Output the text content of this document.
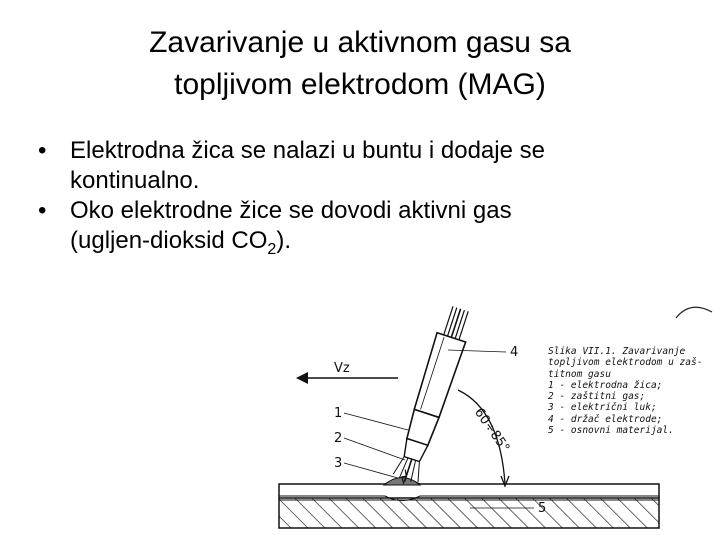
Zavarivanje u aktivnom gasu sa
topljivom elektrodom (MAG)
• Elektrodna žica se nalazi u buntu i dodaje se
kontinualno.
• Oko elektrodne žice se dovodi aktivni gas
(ugljen-dioksid $CO_2$).
60÷85°
Vz
1
2
3
4
5
Slika VII.1. Zavarivanje
topljivom elektrodom u zaš-
titnom gasu
1 - elektrodna žica;
2 - zaštitni gas;
3 - električni luk;
4 - držač elektrode;
5 - osnovni materijal.
